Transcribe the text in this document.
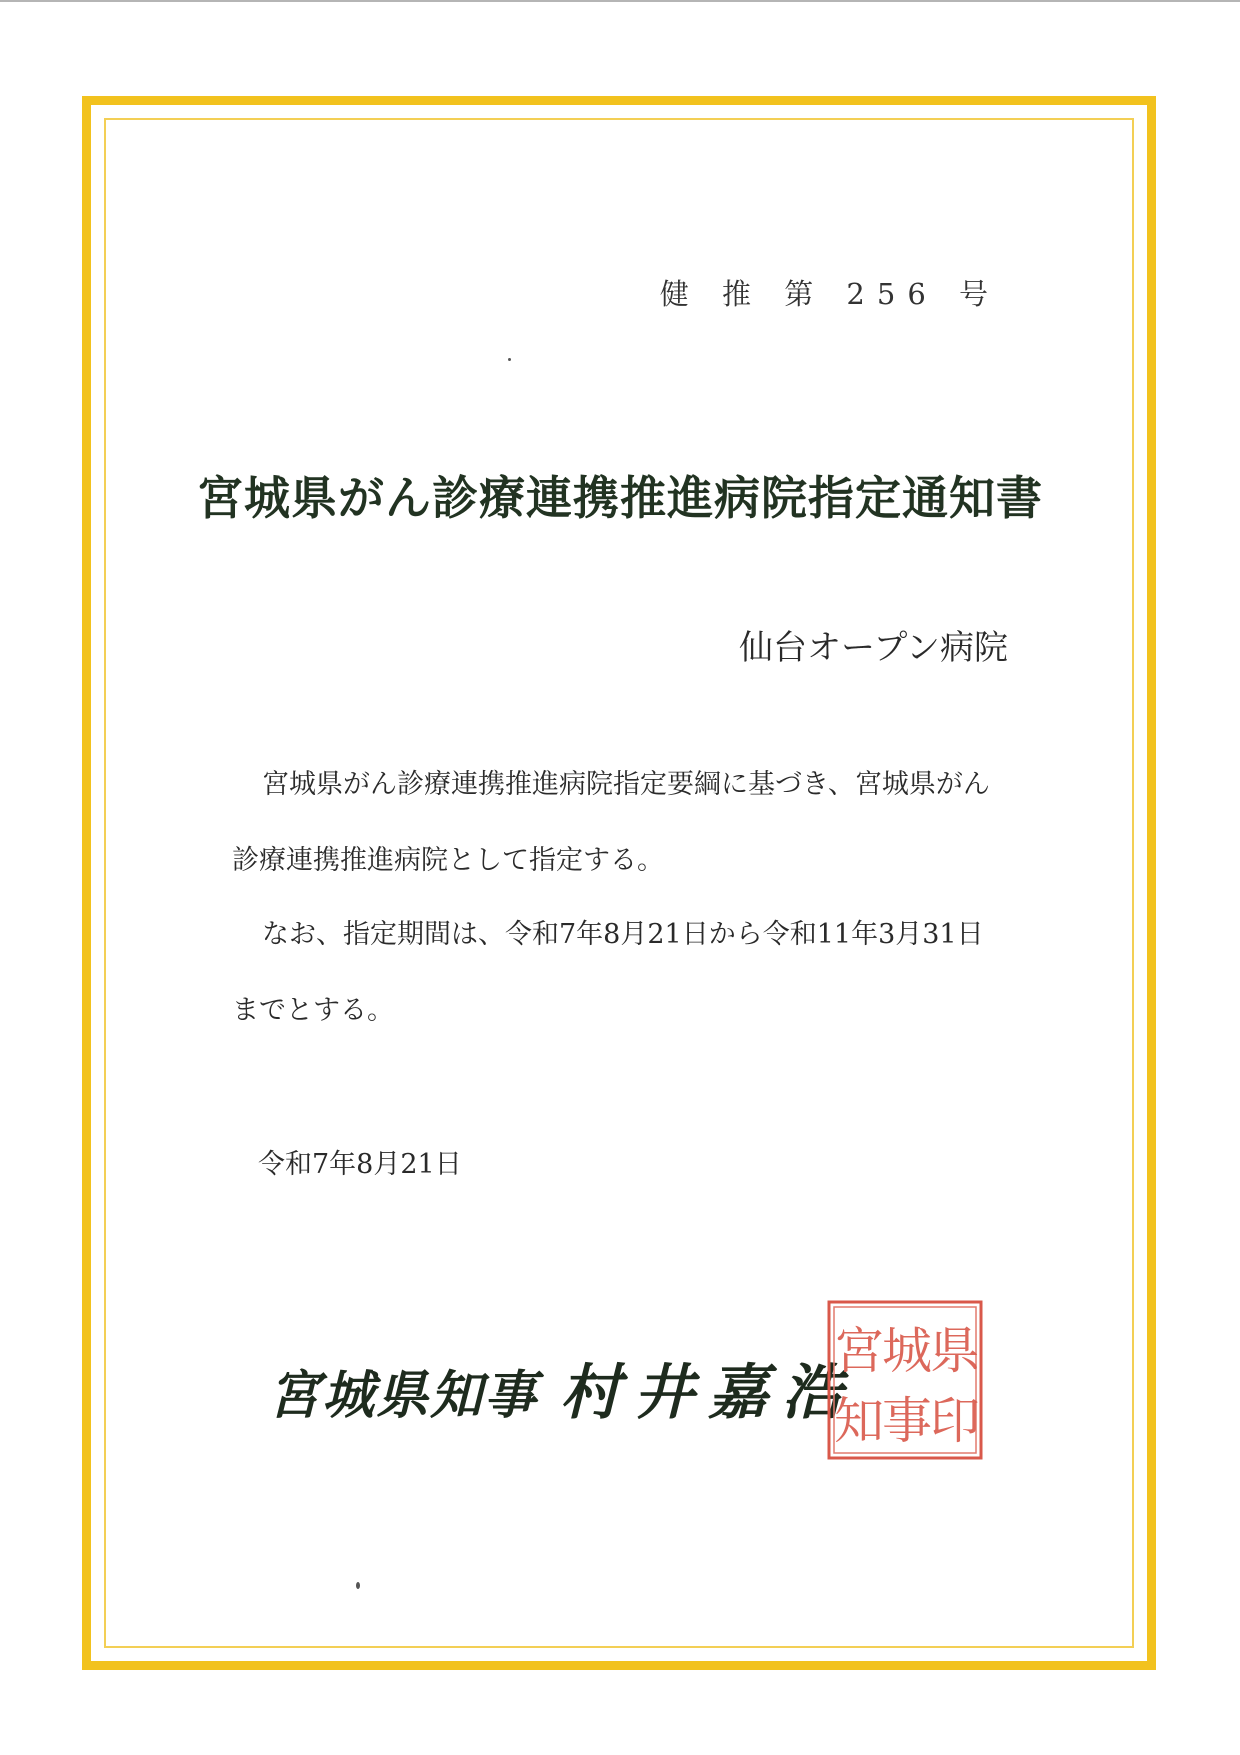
健 推 第 256 号
宮城県がん診療連携推進病院指定通知書
仙台オープン病院
宮城県がん診療連携推進病院指定要綱に基づき、宮城県がん
診療連携推進病院として指定する。
なお、指定期間は、令和7年8月21日から令和11年3月31日
までとする。
令和7年8月21日
宮城県知事 村井嘉浩
県
印
城
事
宮
知
